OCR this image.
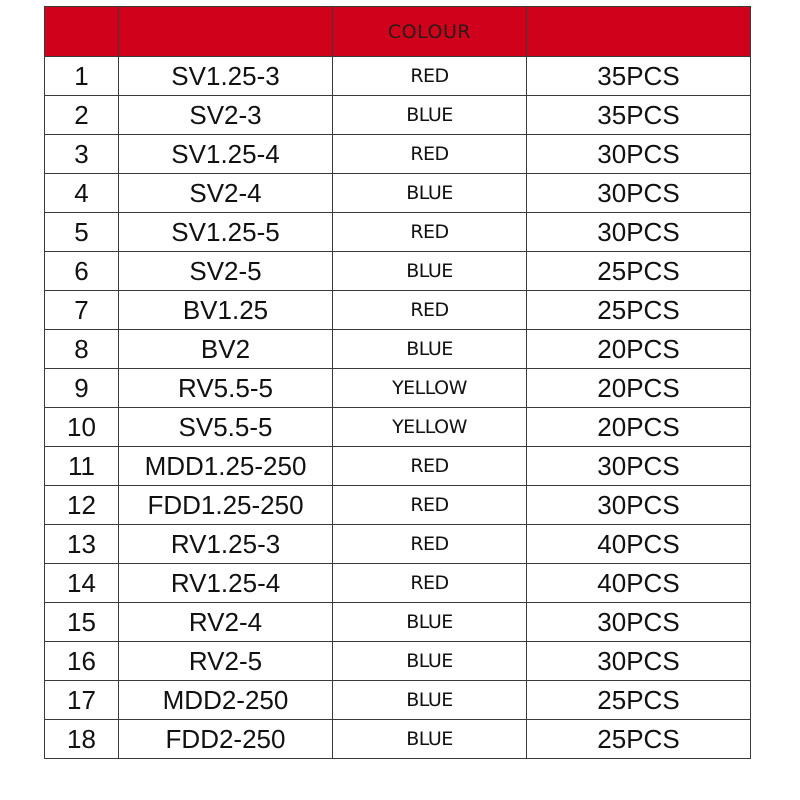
		COLOUR	
1	SV1.25-3	RED	35PCS
2	SV2-3	BLUE	35PCS
3	SV1.25-4	RED	30PCS
4	SV2-4	BLUE	30PCS
5	SV1.25-5	RED	30PCS
6	SV2-5	BLUE	25PCS
7	BV1.25	RED	25PCS
8	BV2	BLUE	20PCS
9	RV5.5-5	YELLOW	20PCS
10	SV5.5-5	YELLOW	20PCS
11	MDD1.25-250	RED	30PCS
12	FDD1.25-250	RED	30PCS
13	RV1.25-3	RED	40PCS
14	RV1.25-4	RED	40PCS
15	RV2-4	BLUE	30PCS
16	RV2-5	BLUE	30PCS
17	MDD2-250	BLUE	25PCS
18	FDD2-250	BLUE	25PCS
